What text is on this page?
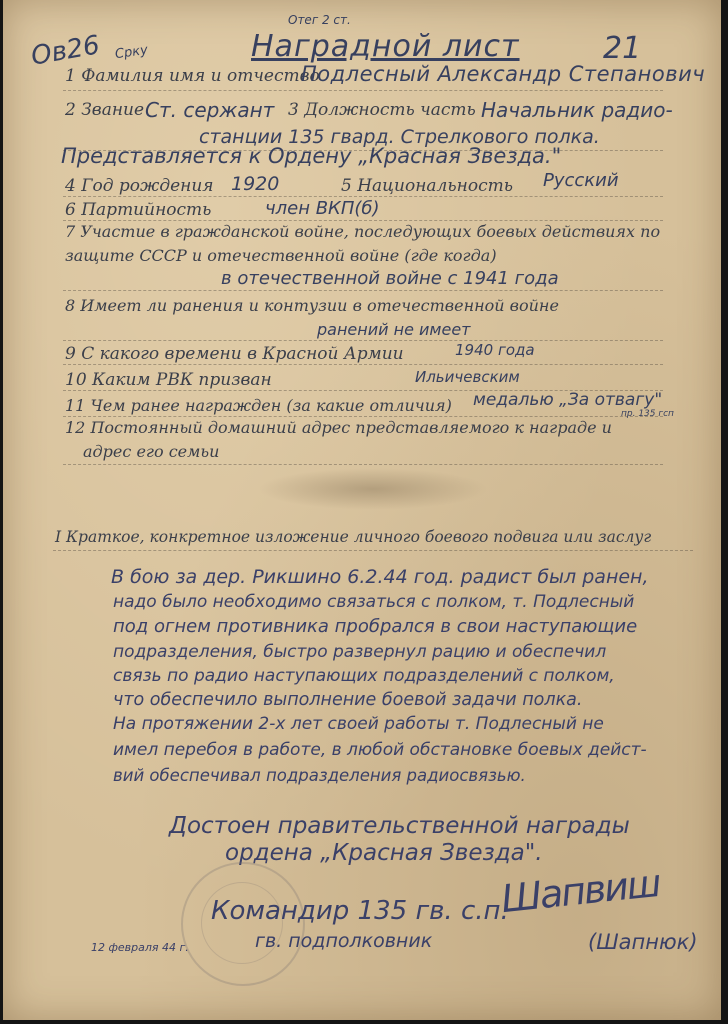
Ов26 Срку
Отег 2 ст.
Наградной лист	21
1 Фамилия имя и отчество
Подлесный Александр Степанович
2 Звание Ст. сержант 3 Должность часть Начальник радио-
станции 135 гвард. Стрелкового полка.
Представляется к Ордену „Красная Звезда."
4 Год рождения 1920	5 Национальность Русский
6 Партийность	член ВКП(б)
7 Участие в гражданской войне, последующих боевых действиях по
защите СССР и отечественной войне (где когда)
в отечественной войне с 1941 года
8 Имеет ли ранения и контузии в отечественной войне
ранений не имеет
9 С какого времени в Красной Армии	1940 года
10 Каким РВК призван	Ильичевским
11 Чем ранее награжден (за какие отличия) медалью „За отвагу"
пр. 135 гсп
12 Постоянный домашний адрес представляемого к награде и
адрес его семьи
I Краткое, конкретное изложение личного боевого подвига или заслуг
В бою за дер. Рикшино 6.2.44 год. радист был ранен,
надо было необходимо связаться с полком, т. Подлесный
под огнем противника пробрался в свои наступающие
подразделения, быстро развернул рацию и обеспечил
связь по радио наступающих подразделений с полком,
что обеспечило выполнение боевой задачи полка.
На протяжении 2-х лет своей работы т. Подлесный не
имел перебоя в работе, в любой обстановке боевых дейст-
вий обеспечивал подразделения радиосвязью.
Достоен правительственной награды
ордена „Красная Звезда".
Командир 135 гв. с.п.
гв. подполковник
12 февраля 44 г.
Шапвиш
(Шапнюк)
